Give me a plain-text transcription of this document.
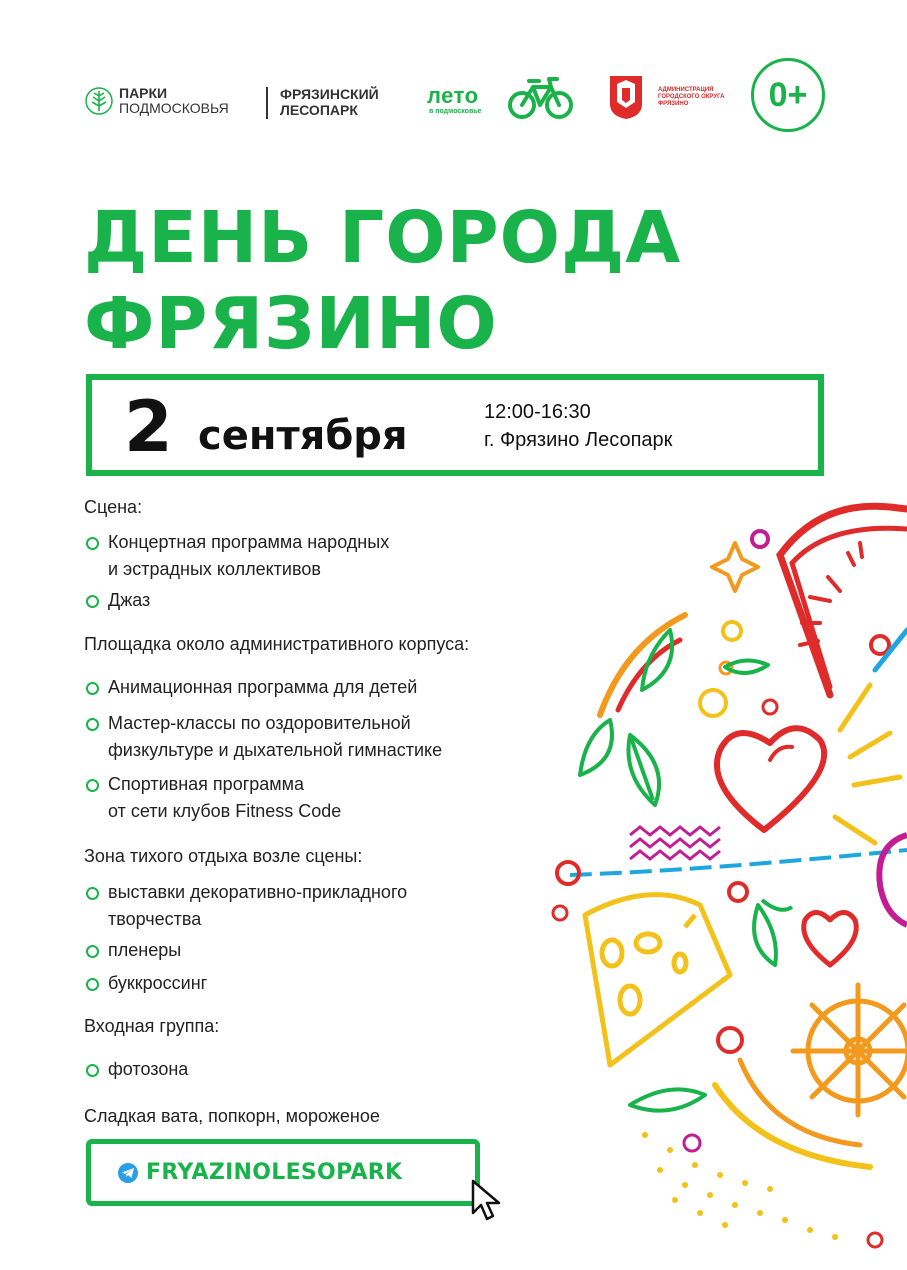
ПАРКИ
ПОДМОСКОВЬЯ
ФРЯЗИНСКИЙ
ЛЕСОПАРК
лето
в подмосковье
АДМИНИСТРАЦИЯ
ГОРОДСКОГО ОКРУГА
ФРЯЗИНО	0+
ДЕНЬ ГОРОДА
ФРЯЗИНО
2 сентября
12:00-16:30
г. Фрязино Лесопарк
Сцена:
Концертная программа народных
и эстрадных коллективов
Джаз
Площадка около административного корпуса:
Анимационная программа для детей
Мастер-классы по оздоровительной
физкультуре и дыхательной гимнастике
Спортивная программа
от сети клубов Fitness Code
Зона тихого отдыха возле сцены:
выставки декоративно-прикладного
творчества
пленеры
буккроссинг
Входная группа:
фотозона
Сладкая вата, попкорн, мороженое
FRYAZINOLESOPARK
